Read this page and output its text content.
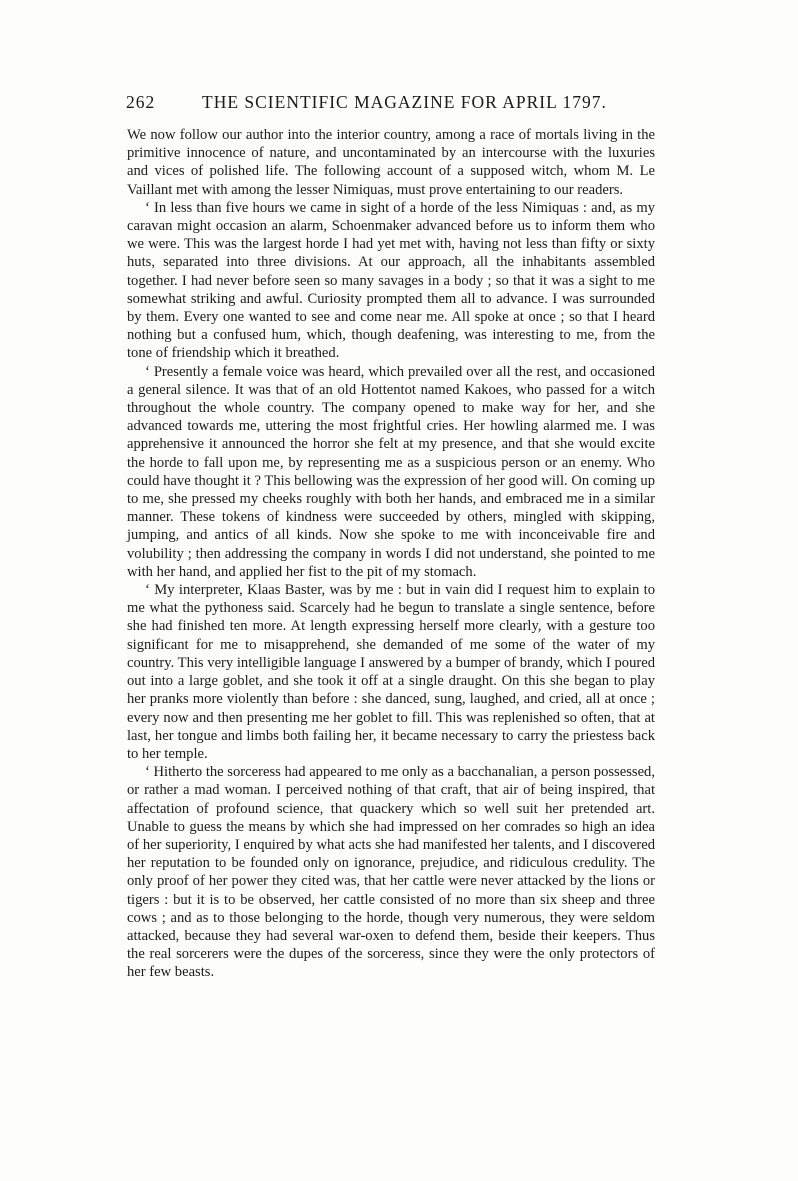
262	THE SCIENTIFIC MAGAZINE FOR APRIL 1797.

We now follow our author into the interior country, among a race of mortals living in the primitive innocence of nature, and uncontaminated by an intercourse with the luxuries and vices of polished life. The following account of a supposed witch, whom M. Le Vaillant met with among the lesser Nimiquas, must prove entertaining to our readers.

‘ In less than five hours we came in sight of a horde of the less Nimiquas : and, as my caravan might occasion an alarm, Schoenmaker advanced before us to inform them who we were. This was the largest horde I had yet met with, having not less than fifty or sixty huts, separated into three divisions. At our approach, all the inhabitants assembled together. I had never before seen so many savages in a body ; so that it was a sight to me somewhat striking and awful. Curiosity prompted them all to advance. I was surrounded by them. Every one wanted to see and come near me. All spoke at once ; so that I heard nothing but a confused hum, which, though deafening, was interesting to me, from the tone of friendship which it breathed.

‘ Presently a female voice was heard, which prevailed over all the rest, and occasioned a general silence. It was that of an old Hottentot named Kakoes, who passed for a witch throughout the whole country. The company opened to make way for her, and she advanced towards me, uttering the most frightful cries. Her howling alarmed me. I was apprehensive it announced the horror she felt at my presence, and that she would excite the horde to fall upon me, by representing me as a suspicious person or an enemy. Who could have thought it ? This bellowing was the expression of her good will. On coming up to me, she pressed my cheeks roughly with both her hands, and embraced me in a similar manner. These tokens of kindness were succeeded by others, mingled with skipping, jumping, and antics of all kinds. Now she spoke to me with inconceivable fire and volubility ; then addressing the company in words I did not understand, she pointed to me with her hand, and applied her fist to the pit of my stomach.

‘ My interpreter, Klaas Baster, was by me : but in vain did I request him to explain to me what the pythoness said. Scarcely had he begun to translate a single sentence, before she had finished ten more. At length expressing herself more clearly, with a gesture too significant for me to misapprehend, she demanded of me some of the water of my country. This very intelligible language I answered by a bumper of brandy, which I poured out into a large goblet, and she took it off at a single draught. On this she began to play her pranks more violently than before : she danced, sung, laughed, and cried, all at once ; every now and then presenting me her goblet to fill. This was replenished so often, that at last, her tongue and limbs both failing her, it became necessary to carry the priestess back to her temple.

‘ Hitherto the sorceress had appeared to me only as a bacchanalian, a person possessed, or rather a mad woman. I perceived nothing of that craft, that air of being inspired, that affectation of profound science, that quackery which so well suit her pretended art. Unable to guess the means by which she had impressed on her comrades so high an idea of her superiority, I enquired by what acts she had manifested her talents, and I discovered her reputation to be founded only on ignorance, prejudice, and ridiculous credulity. The only proof of her power they cited was, that her cattle were never attacked by the lions or tigers : but it is to be observed, her cattle consisted of no more than six sheep and three cows ; and as to those belonging to the horde, though very numerous, they were seldom attacked, because they had several war-oxen to defend them, beside their keepers. Thus the real sorcerers were the dupes of the sorceress, since they were the only protectors of her few beasts.
